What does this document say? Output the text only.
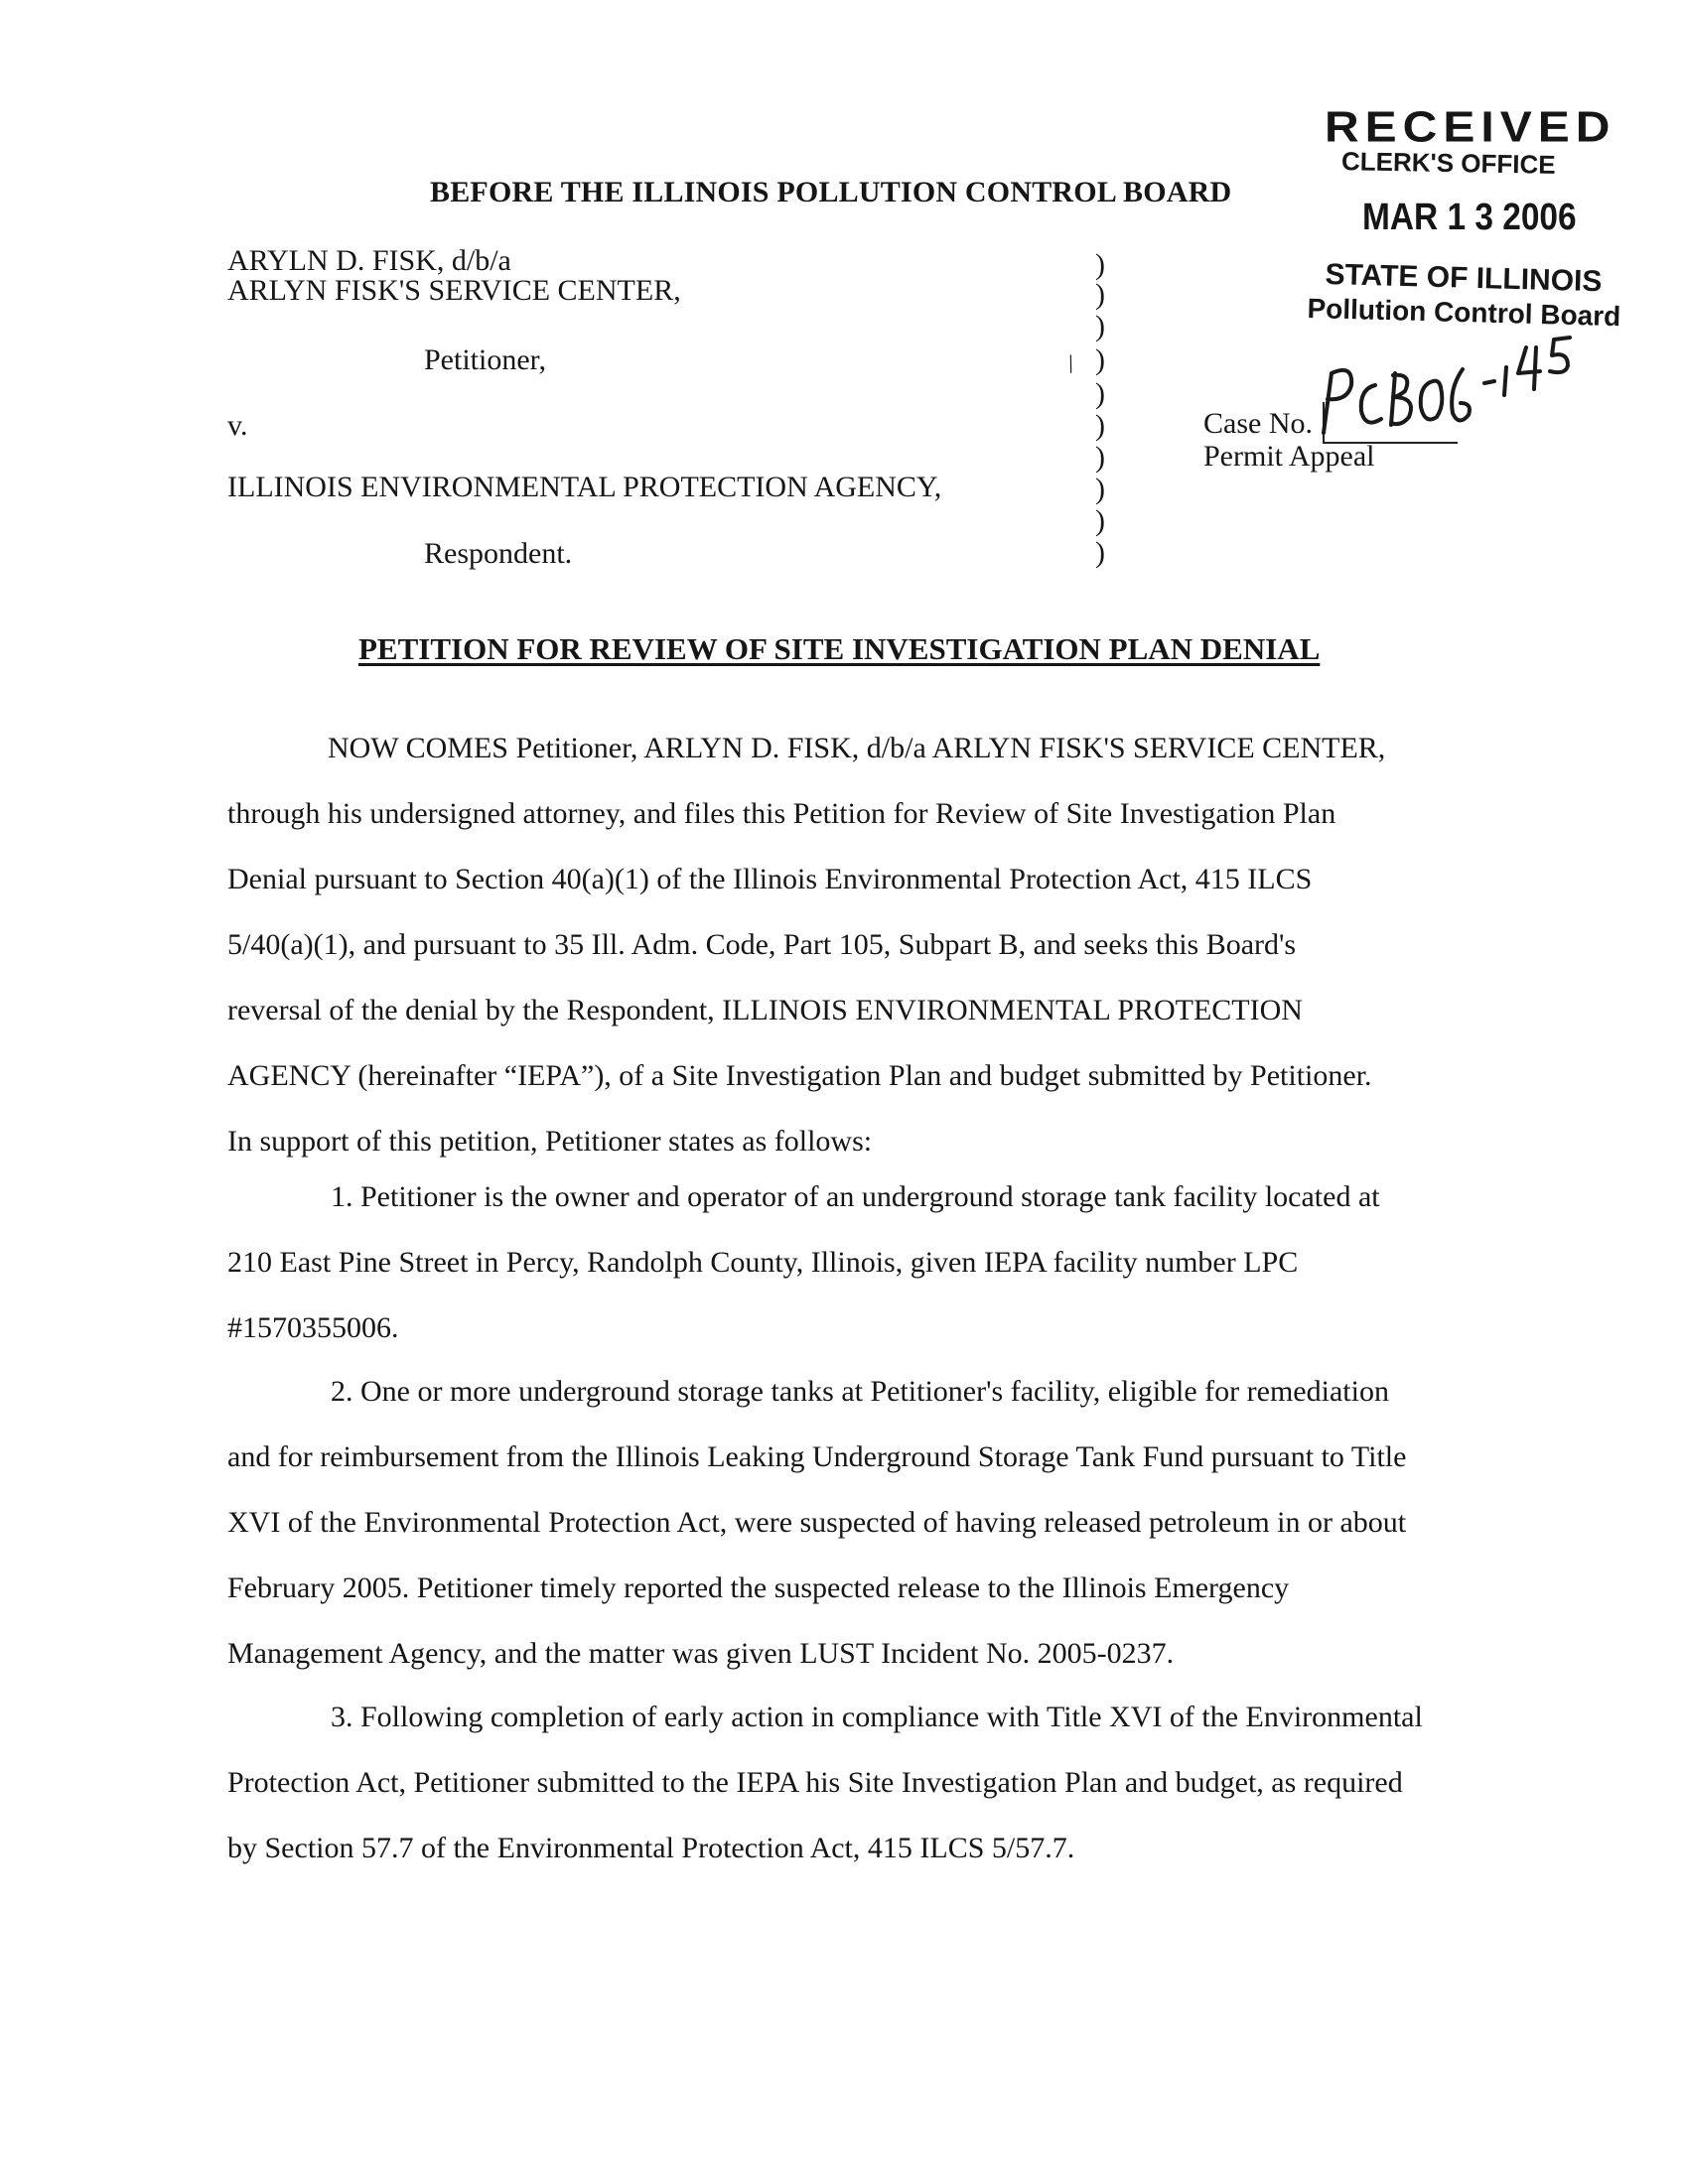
RECEIVED
CLERK'S OFFICE
MAR 1 3 2006
STATE OF ILLINOIS
Pollution Control Board
BEFORE THE ILLINOIS POLLUTION CONTROL BOARD
ARYLN D. FISK, d/b/a
ARLYN FISK'S SERVICE CENTER,
Petitioner,
v.
ILLINOIS ENVIRONMENTAL PROTECTION AGENCY,
Respondent.
)
)
)
)
)
)
)
)
)
)
/
Case No.
Permit Appeal
PETITION FOR REVIEW OF SITE INVESTIGATION PLAN DENIAL
NOW COMES Petitioner, ARLYN D. FISK, d/b/a ARLYN FISK'S SERVICE CENTER,
through his undersigned attorney, and files this Petition for Review of Site Investigation Plan
Denial pursuant to Section 40(a)(1) of the Illinois Environmental Protection Act, 415 ILCS
5/40(a)(1), and pursuant to 35 Ill. Adm. Code, Part 105, Subpart B, and seeks this Board's
reversal of the denial by the Respondent, ILLINOIS ENVIRONMENTAL PROTECTION
AGENCY (hereinafter “IEPA”), of a Site Investigation Plan and budget submitted by Petitioner.
In support of this petition, Petitioner states as follows:
1. Petitioner is the owner and operator of an underground storage tank facility located at
210 East Pine Street in Percy, Randolph County, Illinois, given IEPA facility number LPC
#1570355006.
2. One or more underground storage tanks at Petitioner's facility, eligible for remediation
and for reimbursement from the Illinois Leaking Underground Storage Tank Fund pursuant to Title
XVI of the Environmental Protection Act, were suspected of having released petroleum in or about
February 2005. Petitioner timely reported the suspected release to the Illinois Emergency
Management Agency, and the matter was given LUST Incident No. 2005-0237.
3. Following completion of early action in compliance with Title XVI of the Environmental
Protection Act, Petitioner submitted to the IEPA his Site Investigation Plan and budget, as required
by Section 57.7 of the Environmental Protection Act, 415 ILCS 5/57.7.
